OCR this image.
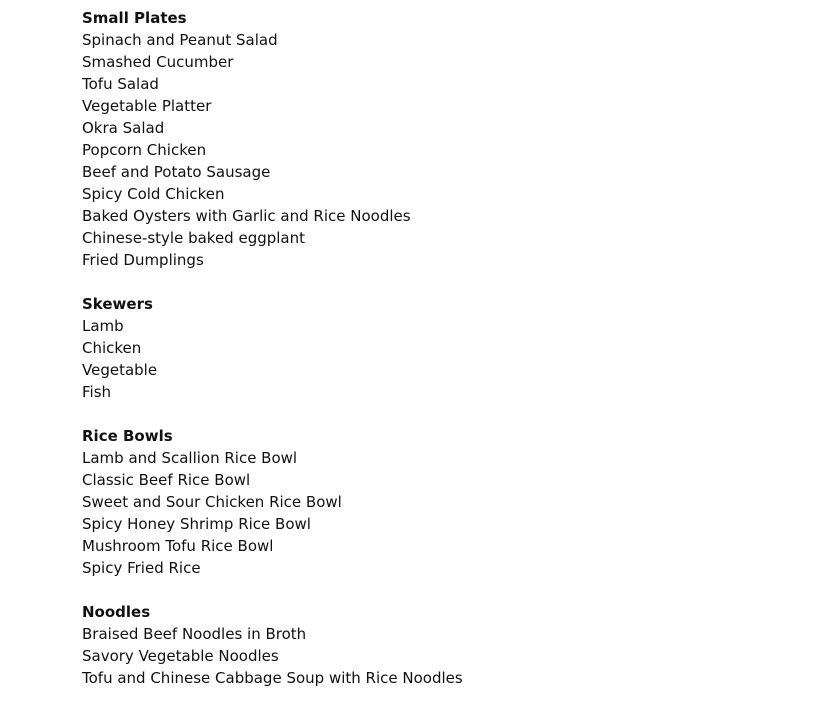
Small Plates
Spinach and Peanut Salad
Smashed Cucumber
Tofu Salad
Vegetable Platter
Okra Salad
Popcorn Chicken
Beef and Potato Sausage
Spicy Cold Chicken
Baked Oysters with Garlic and Rice Noodles
Chinese-style baked eggplant
Fried Dumplings
Skewers
Lamb
Chicken
Vegetable
Fish
Rice Bowls
Lamb and Scallion Rice Bowl
Classic Beef Rice Bowl
Sweet and Sour Chicken Rice Bowl
Spicy Honey Shrimp Rice Bowl
Mushroom Tofu Rice Bowl
Spicy Fried Rice
Noodles
Braised Beef Noodles in Broth
Savory Vegetable Noodles
Tofu and Chinese Cabbage Soup with Rice Noodles
